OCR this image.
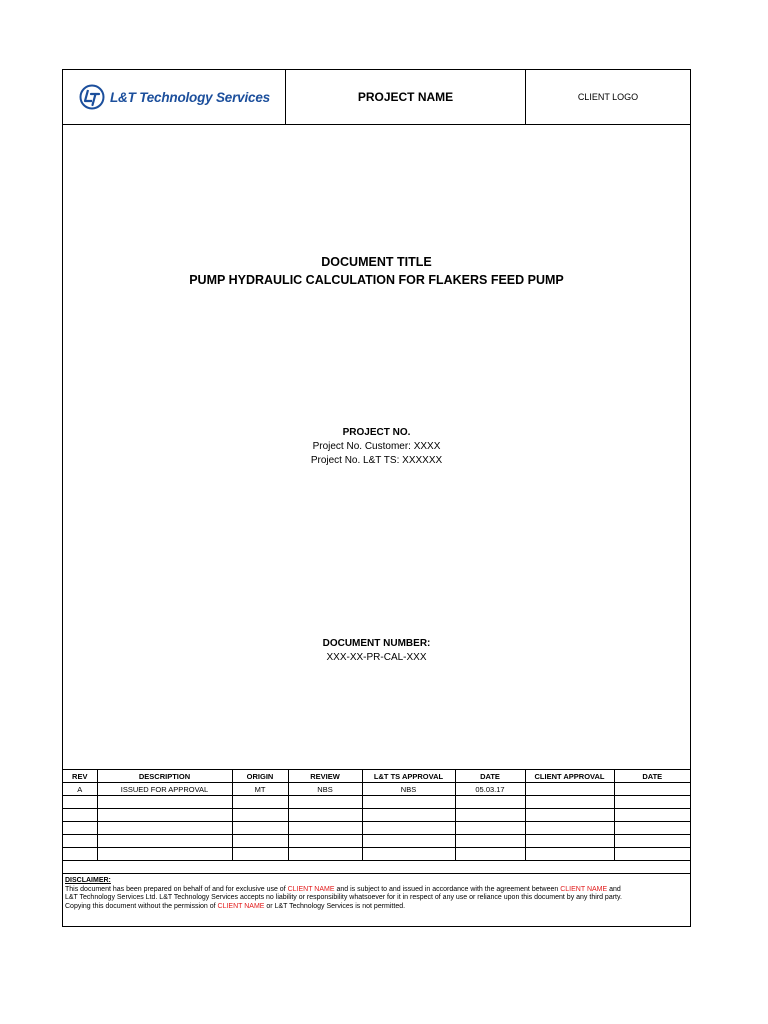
L&T Technology Services	PROJECT NAME	CLIENT LOGO
DOCUMENT TITLE
PUMP HYDRAULIC CALCULATION FOR FLAKERS FEED PUMP
PROJECT NO.
Project No. Customer: XXXX
Project No. L&T TS: XXXXXX
DOCUMENT NUMBER:
XXX-XX-PR-CAL-XXX
REV	DESCRIPTION	ORIGIN	REVIEW	L&T TS APPROVAL	DATE	CLIENT APPROVAL	DATE
A	ISSUED FOR APPROVAL	MT	NBS	NBS	05.03.17		

DISCLAIMER:
This document has been prepared on behalf of and for exclusive use of CLIENT NAME and is subject to and issued in accordance with the agreement between CLIENT NAME and
L&T Technology Services Ltd. L&T Technology Services accepts no liability or responsibility whatsoever for it in respect of any use or reliance upon this document by any third party.
Copying this document without the permission of CLIENT NAME or L&T Technology Services is not permitted.
